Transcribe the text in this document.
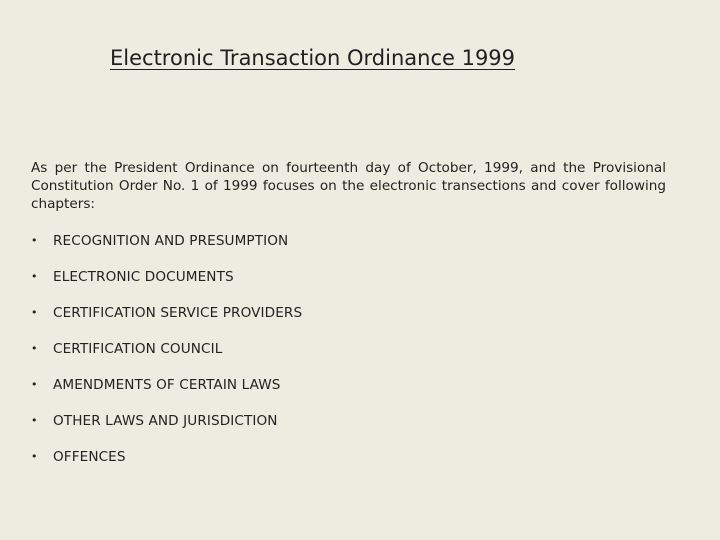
Electronic Transaction Ordinance 1999

As per the President Ordinance on fourteenth day of October, 1999, and the Provisional Constitution Order No. 1 of 1999 focuses on the electronic transections and cover following chapters:

•	RECOGNITION AND PRESUMPTION
•	ELECTRONIC DOCUMENTS
•	CERTIFICATION SERVICE PROVIDERS
•	CERTIFICATION COUNCIL
•	AMENDMENTS OF CERTAIN LAWS
•	OTHER LAWS AND JURISDICTION
•	OFFENCES
